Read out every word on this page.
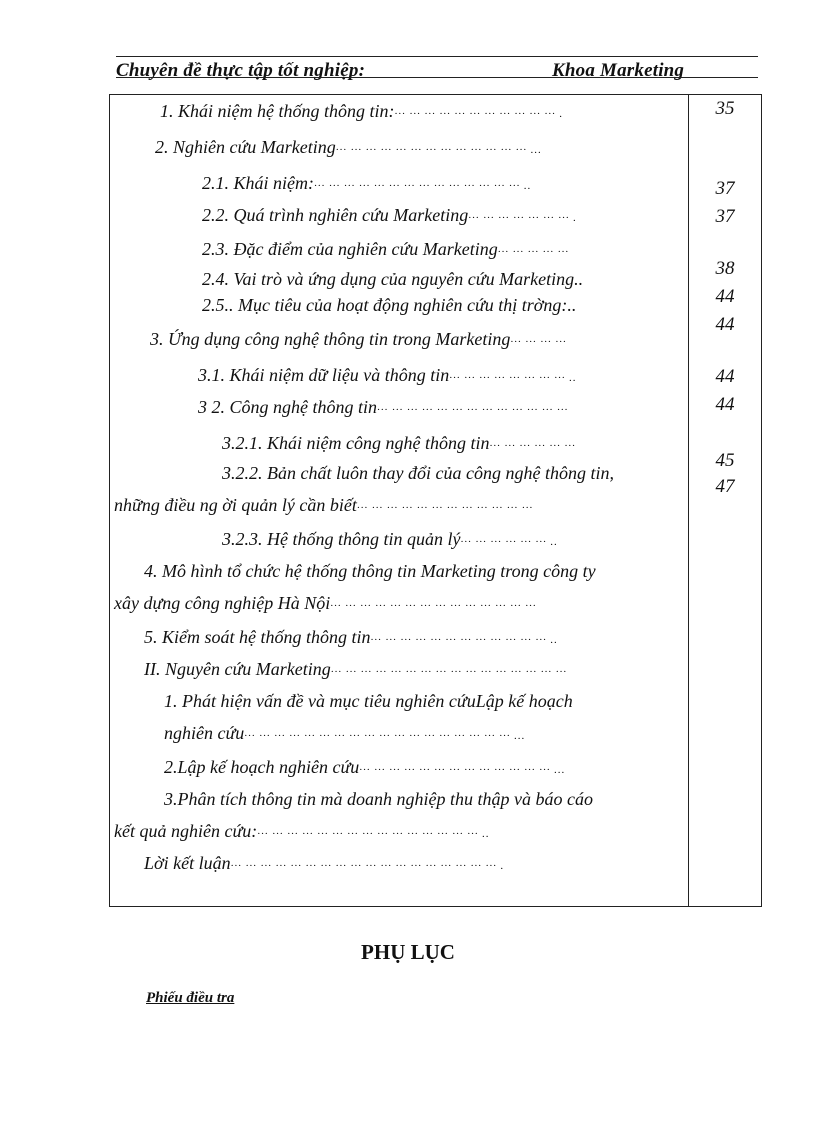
Chuyên đề thực tập tốt nghiệp:	Khoa Marketing
1. Khái niệm hệ thống thông tin:··· ··· ··· ··· ··· ··· ··· ··· ··· ··· ··· .
2. Nghiên cứu Marketing··· ··· ··· ··· ··· ··· ··· ··· ··· ··· ··· ··· ··· ...
2.1. Khái niệm:··· ··· ··· ··· ··· ··· ··· ··· ··· ··· ··· ··· ··· ··· ..
2.2. Quá trình nghiên cứu Marketing··· ··· ··· ··· ··· ··· ··· .
2.3. Đặc điểm của nghiên cứu Marketing··· ··· ··· ··· ···
2.4. Vai trò và ứng dụng của nguyên cứu Marketing..
2.5.. Mục tiêu của hoạt động nghiên cứu thị trờng:..
3. Ứng dụng công nghệ thông tin trong Marketing··· ··· ··· ···
3.1. Khái niệm dữ liệu và thông tin··· ··· ··· ··· ··· ··· ··· ··· ..
3 2. Công nghệ thông tin··· ··· ··· ··· ··· ··· ··· ··· ··· ··· ··· ··· ···
3.2.1. Khái niệm công nghệ thông tin··· ··· ··· ··· ··· ···
3.2.2. Bản chất luôn thay đổi của công nghệ thông tin,
những điều ng ời quản lý cần biết··· ··· ··· ··· ··· ··· ··· ··· ··· ··· ··· ···
3.2.3. Hệ thống thông tin quản lý··· ··· ··· ··· ··· ··· ..
4. Mô hình tổ chức hệ thống thông tin Marketing trong công ty
xây dựng công nghiệp Hà Nội··· ··· ··· ··· ··· ··· ··· ··· ··· ··· ··· ··· ··· ···
5. Kiểm soát hệ thống thông tin··· ··· ··· ··· ··· ··· ··· ··· ··· ··· ··· ··· ..
II. Nguyên cứu Marketing··· ··· ··· ··· ··· ··· ··· ··· ··· ··· ··· ··· ··· ··· ··· ···
1. Phát hiện vấn đề và mục tiêu nghiên cứuLập kế hoạch
nghiên cứu··· ··· ··· ··· ··· ··· ··· ··· ··· ··· ··· ··· ··· ··· ··· ··· ··· ··· ...
2.Lập kế hoạch nghiên cứu··· ··· ··· ··· ··· ··· ··· ··· ··· ··· ··· ··· ··· ...
3.Phân tích thông tin mà doanh nghiệp thu thập và báo cáo
kết quả nghiên cứu:··· ··· ··· ··· ··· ··· ··· ··· ··· ··· ··· ··· ··· ··· ··· ..
Lời kết luận··· ··· ··· ··· ··· ··· ··· ··· ··· ··· ··· ··· ··· ··· ··· ··· ··· ··· .
35
37
37
38
44
44
44
44
45
47
PHỤ LỤC
Phiếu điều tra
